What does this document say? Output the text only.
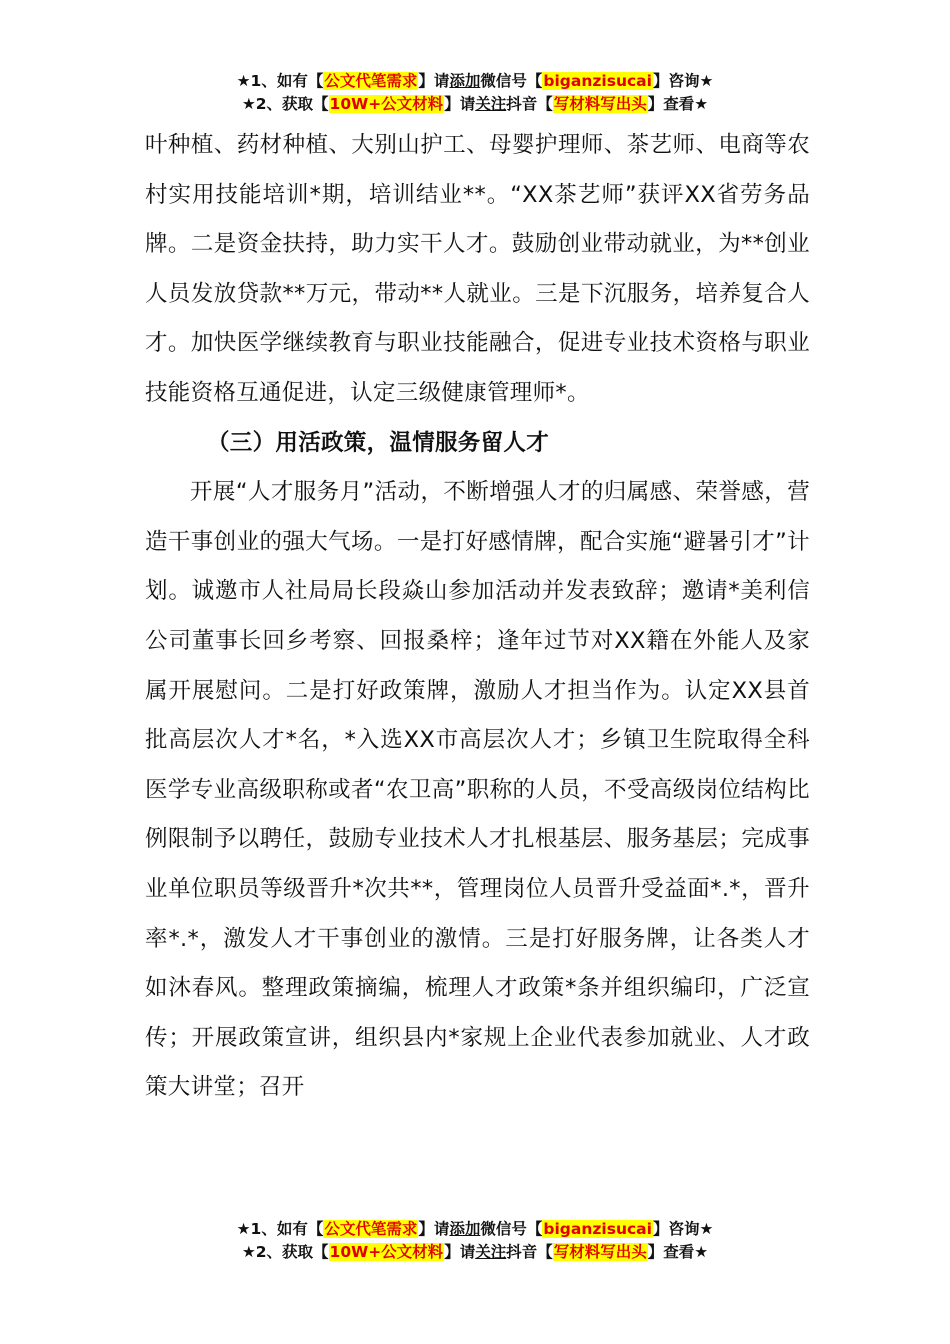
★1、如有【公文代笔需求】请添加微信号【biganzisucai】咨询★
★2、获取【10W+公文材料】请关注抖音【写材料写出头】查看★

叶种植、药材种植、大别山护工、母婴护理师、茶艺师、电商等农村实用技能培训*期，培训结业**。“XX茶艺师”获评XX省劳务品牌。二是资金扶持，助力实干人才。鼓励创业带动就业，为**创业人员发放贷款**万元，带动**人就业。三是下沉服务，培养复合人才。加快医学继续教育与职业技能融合，促进专业技术资格与职业技能资格互通促进，认定三级健康管理师*。

（三）用活政策，温情服务留人才

开展“人才服务月”活动，不断增强人才的归属感、荣誉感，营造干事创业的强大气场。一是打好感情牌，配合实施“避暑引才”计划。诚邀市人社局局长段焱山参加活动并发表致辞；邀请*美利信公司董事长回乡考察、回报桑梓；逢年过节对XX籍在外能人及家属开展慰问。二是打好政策牌，激励人才担当作为。认定XX县首批高层次人才*名，*入选XX市高层次人才；乡镇卫生院取得全科医学专业高级职称或者“农卫高”职称的人员，不受高级岗位结构比例限制予以聘任，鼓励专业技术人才扎根基层、服务基层；完成事业单位职员等级晋升*次共**，管理岗位人员晋升受益面*.*，晋升率*.*，激发人才干事创业的激情。三是打好服务牌，让各类人才如沐春风。整理政策摘编，梳理人才政策*条并组织编印，广泛宣传；开展政策宣讲，组织县内*家规上企业代表参加就业、人才政策大讲堂；召开

★1、如有【公文代笔需求】请添加微信号【biganzisucai】咨询★
★2、获取【10W+公文材料】请关注抖音【写材料写出头】查看★
